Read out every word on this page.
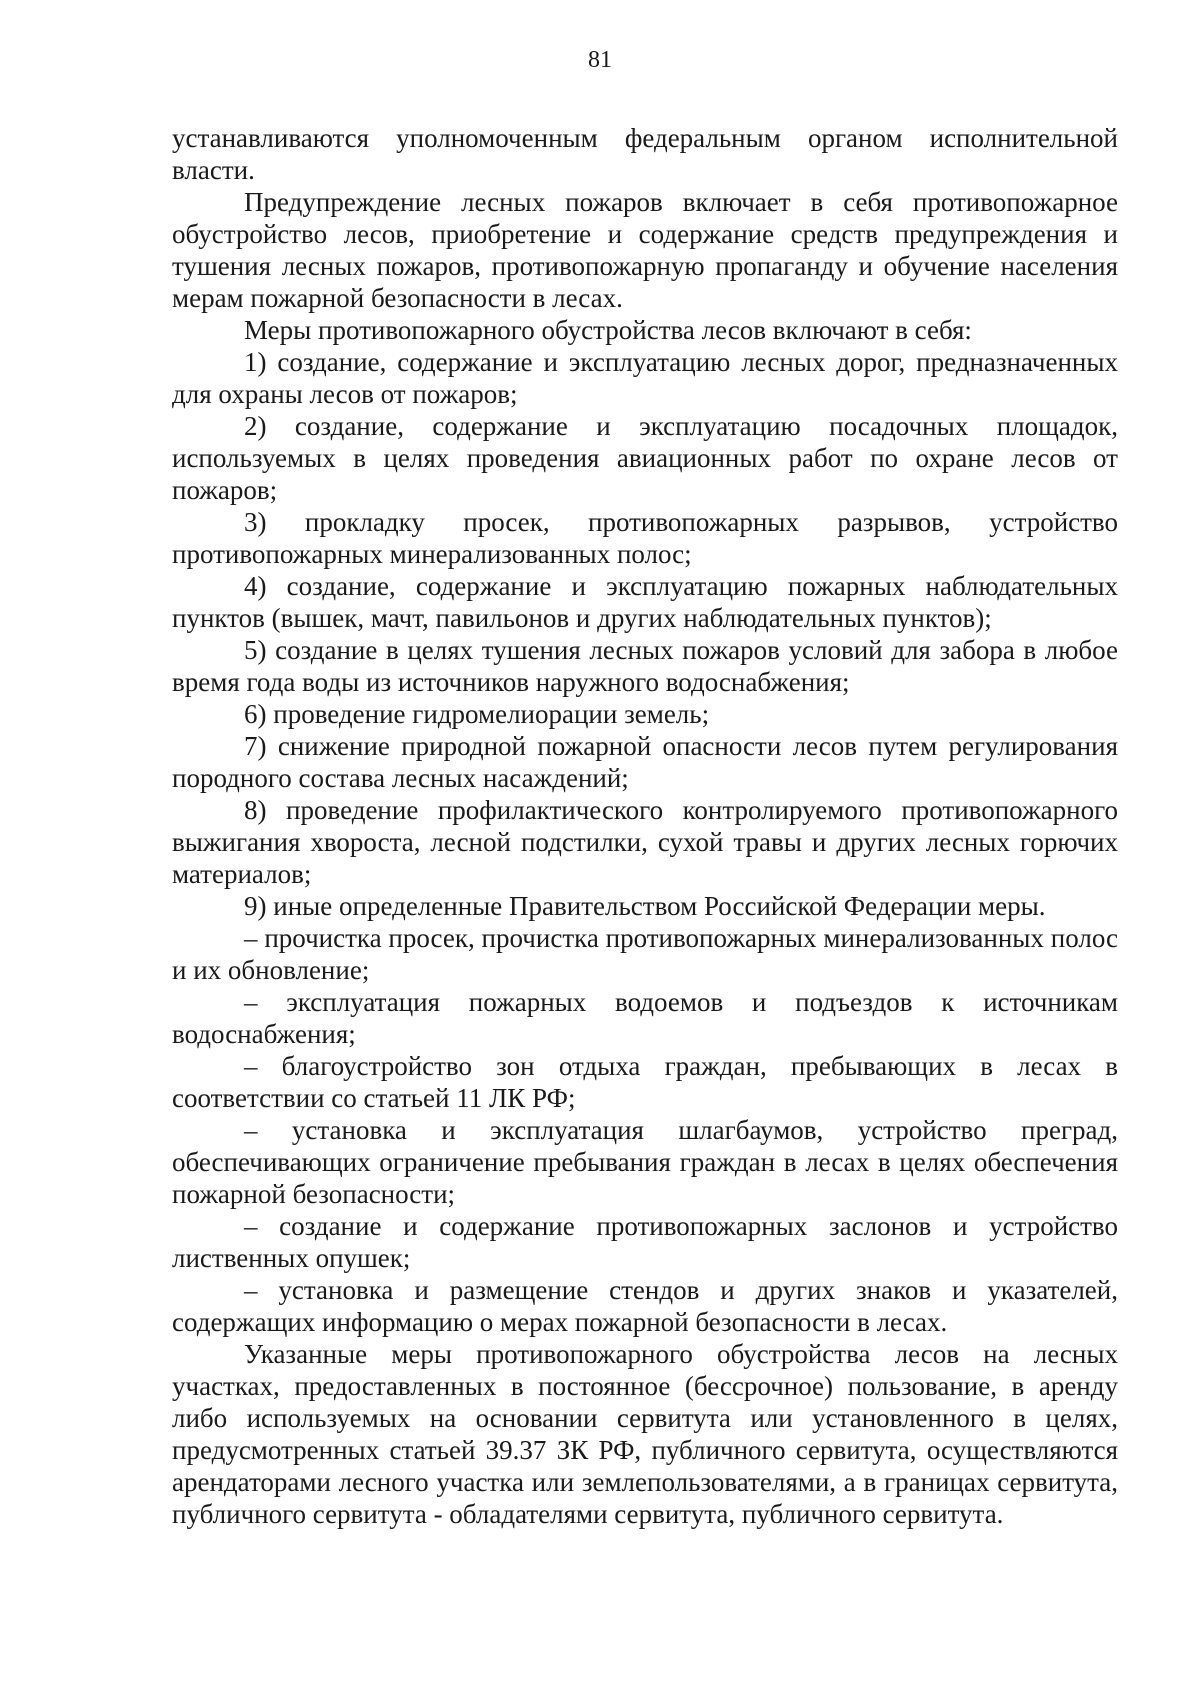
81

устанавливаются уполномоченным федеральным органом исполнительной власти.

Предупреждение лесных пожаров включает в себя противопожарное обустройство лесов, приобретение и содержание средств предупреждения и тушения лесных пожаров, противопожарную пропаганду и обучение населения мерам пожарной безопасности в лесах.

Меры противопожарного обустройства лесов включают в себя:

1) создание, содержание и эксплуатацию лесных дорог, предназначенных для охраны лесов от пожаров;

2) создание, содержание и эксплуатацию посадочных площадок, используемых в целях проведения авиационных работ по охране лесов от пожаров;

3) прокладку просек, противопожарных разрывов, устройство противопожарных минерализованных полос;

4) создание, содержание и эксплуатацию пожарных наблюдательных пунктов (вышек, мачт, павильонов и других наблюдательных пунктов);

5) создание в целях тушения лесных пожаров условий для забора в любое время года воды из источников наружного водоснабжения;

6) проведение гидромелиорации земель;

7) снижение природной пожарной опасности лесов путем регулирования породного состава лесных насаждений;

8) проведение профилактического контролируемого противопожарного выжигания хвороста, лесной подстилки, сухой травы и других лесных горючих материалов;

9) иные определенные Правительством Российской Федерации меры.

– прочистка просек, прочистка противопожарных минерализованных полос и их обновление;

– эксплуатация пожарных водоемов и подъездов к источникам водоснабжения;

– благоустройство зон отдыха граждан, пребывающих в лесах в соответствии со статьей 11 ЛК РФ;

– установка и эксплуатация шлагбаумов, устройство преград, обеспечивающих ограничение пребывания граждан в лесах в целях обеспечения пожарной безопасности;

– создание и содержание противопожарных заслонов и устройство лиственных опушек;

– установка и размещение стендов и других знаков и указателей, содержащих информацию о мерах пожарной безопасности в лесах.

Указанные меры противопожарного обустройства лесов на лесных участках, предоставленных в постоянное (бессрочное) пользование, в аренду либо используемых на основании сервитута или установленного в целях, предусмотренных статьей 39.37 ЗК РФ, публичного сервитута, осуществляются арендаторами лесного участка или землепользователями, а в границах сервитута, публичного сервитута - обладателями сервитута, публичного сервитута.
